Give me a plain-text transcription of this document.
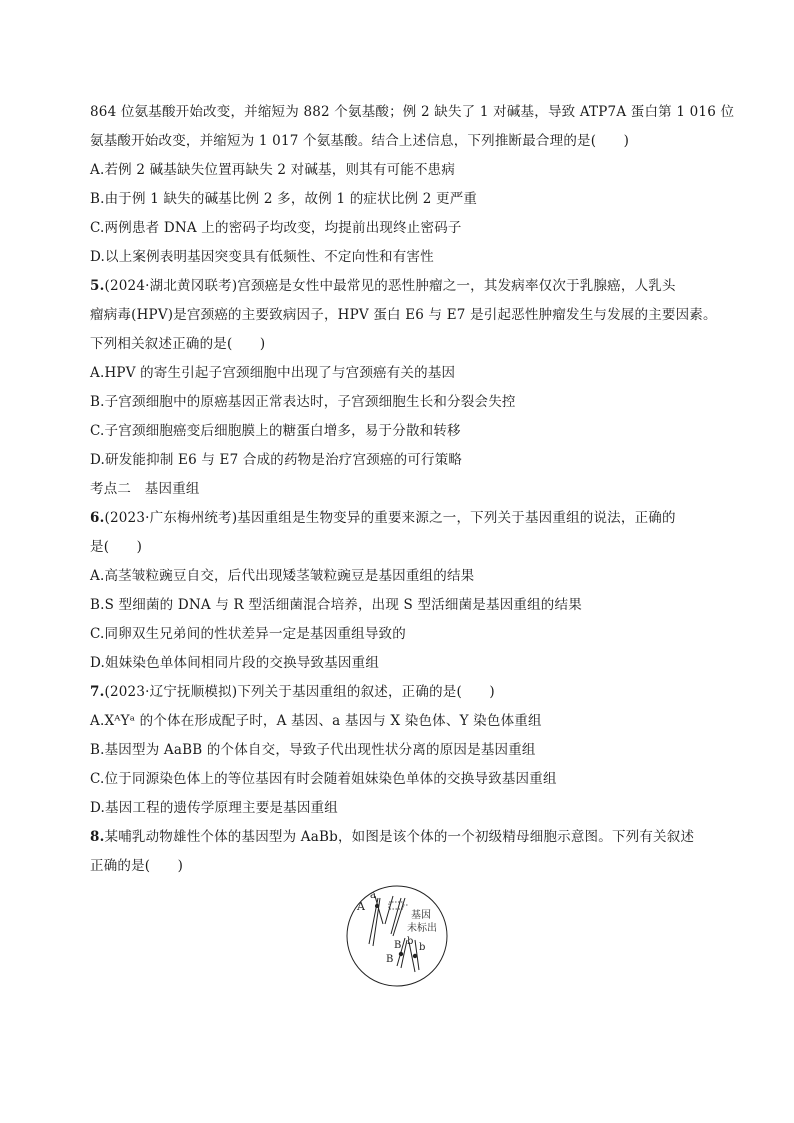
864 位氨基酸开始改变，并缩短为 882 个氨基酸；例 2 缺失了 1 对碱基，导致 ATP7A 蛋白第 1 016 位
氨基酸开始改变，并缩短为 1 017 个氨基酸。结合上述信息，下列推断最合理的是(　　)
A.若例 2 碱基缺失位置再缺失 2 对碱基，则其有可能不患病
B.由于例 1 缺失的碱基比例 2 多，故例 1 的症状比例 2 更严重
C.两例患者 DNA 上的密码子均改变，均提前出现终止密码子
D.以上案例表明基因突变具有低频性、不定向性和有害性
5.(2024·湖北黄冈联考)宫颈癌是女性中最常见的恶性肿瘤之一，其发病率仅次于乳腺癌，人乳头
瘤病毒(HPV)是宫颈癌的主要致病因子，HPV 蛋白 E6 与 E7 是引起恶性肿瘤发生与发展的主要因素。
下列相关叙述正确的是(　　)
A.HPV 的寄生引起子宫颈细胞中出现了与宫颈癌有关的基因
B.子宫颈细胞中的原癌基因正常表达时，子宫颈细胞生长和分裂会失控
C.子宫颈细胞癌变后细胞膜上的糖蛋白增多，易于分散和转移
D.研发能抑制 E6 与 E7 合成的药物是治疗宫颈癌的可行策略
考点二　基因重组
6.(2023·广东梅州统考)基因重组是生物变异的重要来源之一，下列关于基因重组的说法，正确的
是(　　)
A.高茎皱粒豌豆自交，后代出现矮茎皱粒豌豆是基因重组的结果
B.S 型细菌的 DNA 与 R 型活细菌混合培养，出现 S 型活细菌是基因重组的结果
C.同卵双生兄弟间的性状差异一定是基因重组导致的
D.姐妹染色单体间相同片段的交换导致基因重组
7.(2023·辽宁抚顺模拟)下列关于基因重组的叙述，正确的是(　　)
A.XᴬYᵃ 的个体在形成配子时，A 基因、a 基因与 X 染色体、Y 染色体重组
B.基因型为 AaBB 的个体自交，导致子代出现性状分离的原因是基因重组
C.位于同源染色体上的等位基因有时会随着姐妹染色单体的交换导致基因重组
D.基因工程的遗传学原理主要是基因重组
8.某哺乳动物雄性个体的基因型为 AaBb，如图是该个体的一个初级精母细胞示意图。下列有关叙述
正确的是(　　)
A
a
B b
B
b
基因
未标出
